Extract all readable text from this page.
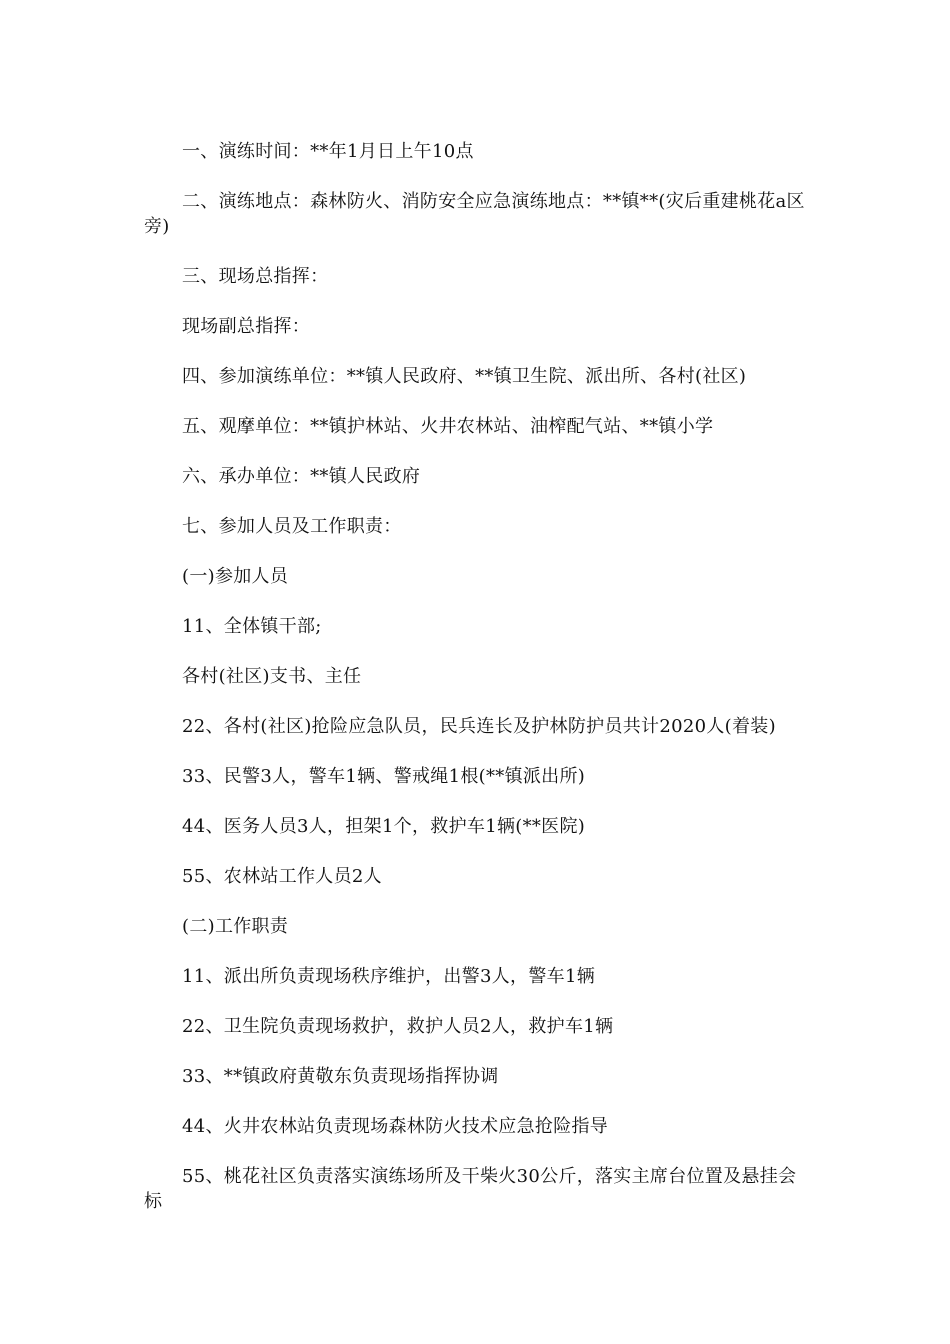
一、演练时间：**年1月日上午10点

二、演练地点：森林防火、消防安全应急演练地点：**镇**(灾后重建桃花a区旁)

三、现场总指挥：

现场副总指挥：

四、参加演练单位：**镇人民政府、**镇卫生院、派出所、各村(社区)

五、观摩单位：**镇护林站、火井农林站、油榨配气站、**镇小学

六、承办单位：**镇人民政府

七、参加人员及工作职责：

(一)参加人员

11、全体镇干部;

各村(社区)支书、主任

22、各村(社区)抢险应急队员，民兵连长及护林防护员共计2020人(着装)

33、民警3人，警车1辆、警戒绳1根(**镇派出所)

44、医务人员3人，担架1个，救护车1辆(**医院)

55、农林站工作人员2人

(二)工作职责

11、派出所负责现场秩序维护，出警3人，警车1辆

22、卫生院负责现场救护，救护人员2人，救护车1辆

33、**镇政府黄敬东负责现场指挥协调

44、火井农林站负责现场森林防火技术应急抢险指导

55、桃花社区负责落实演练场所及干柴火30公斤，落实主席台位置及悬挂会标
